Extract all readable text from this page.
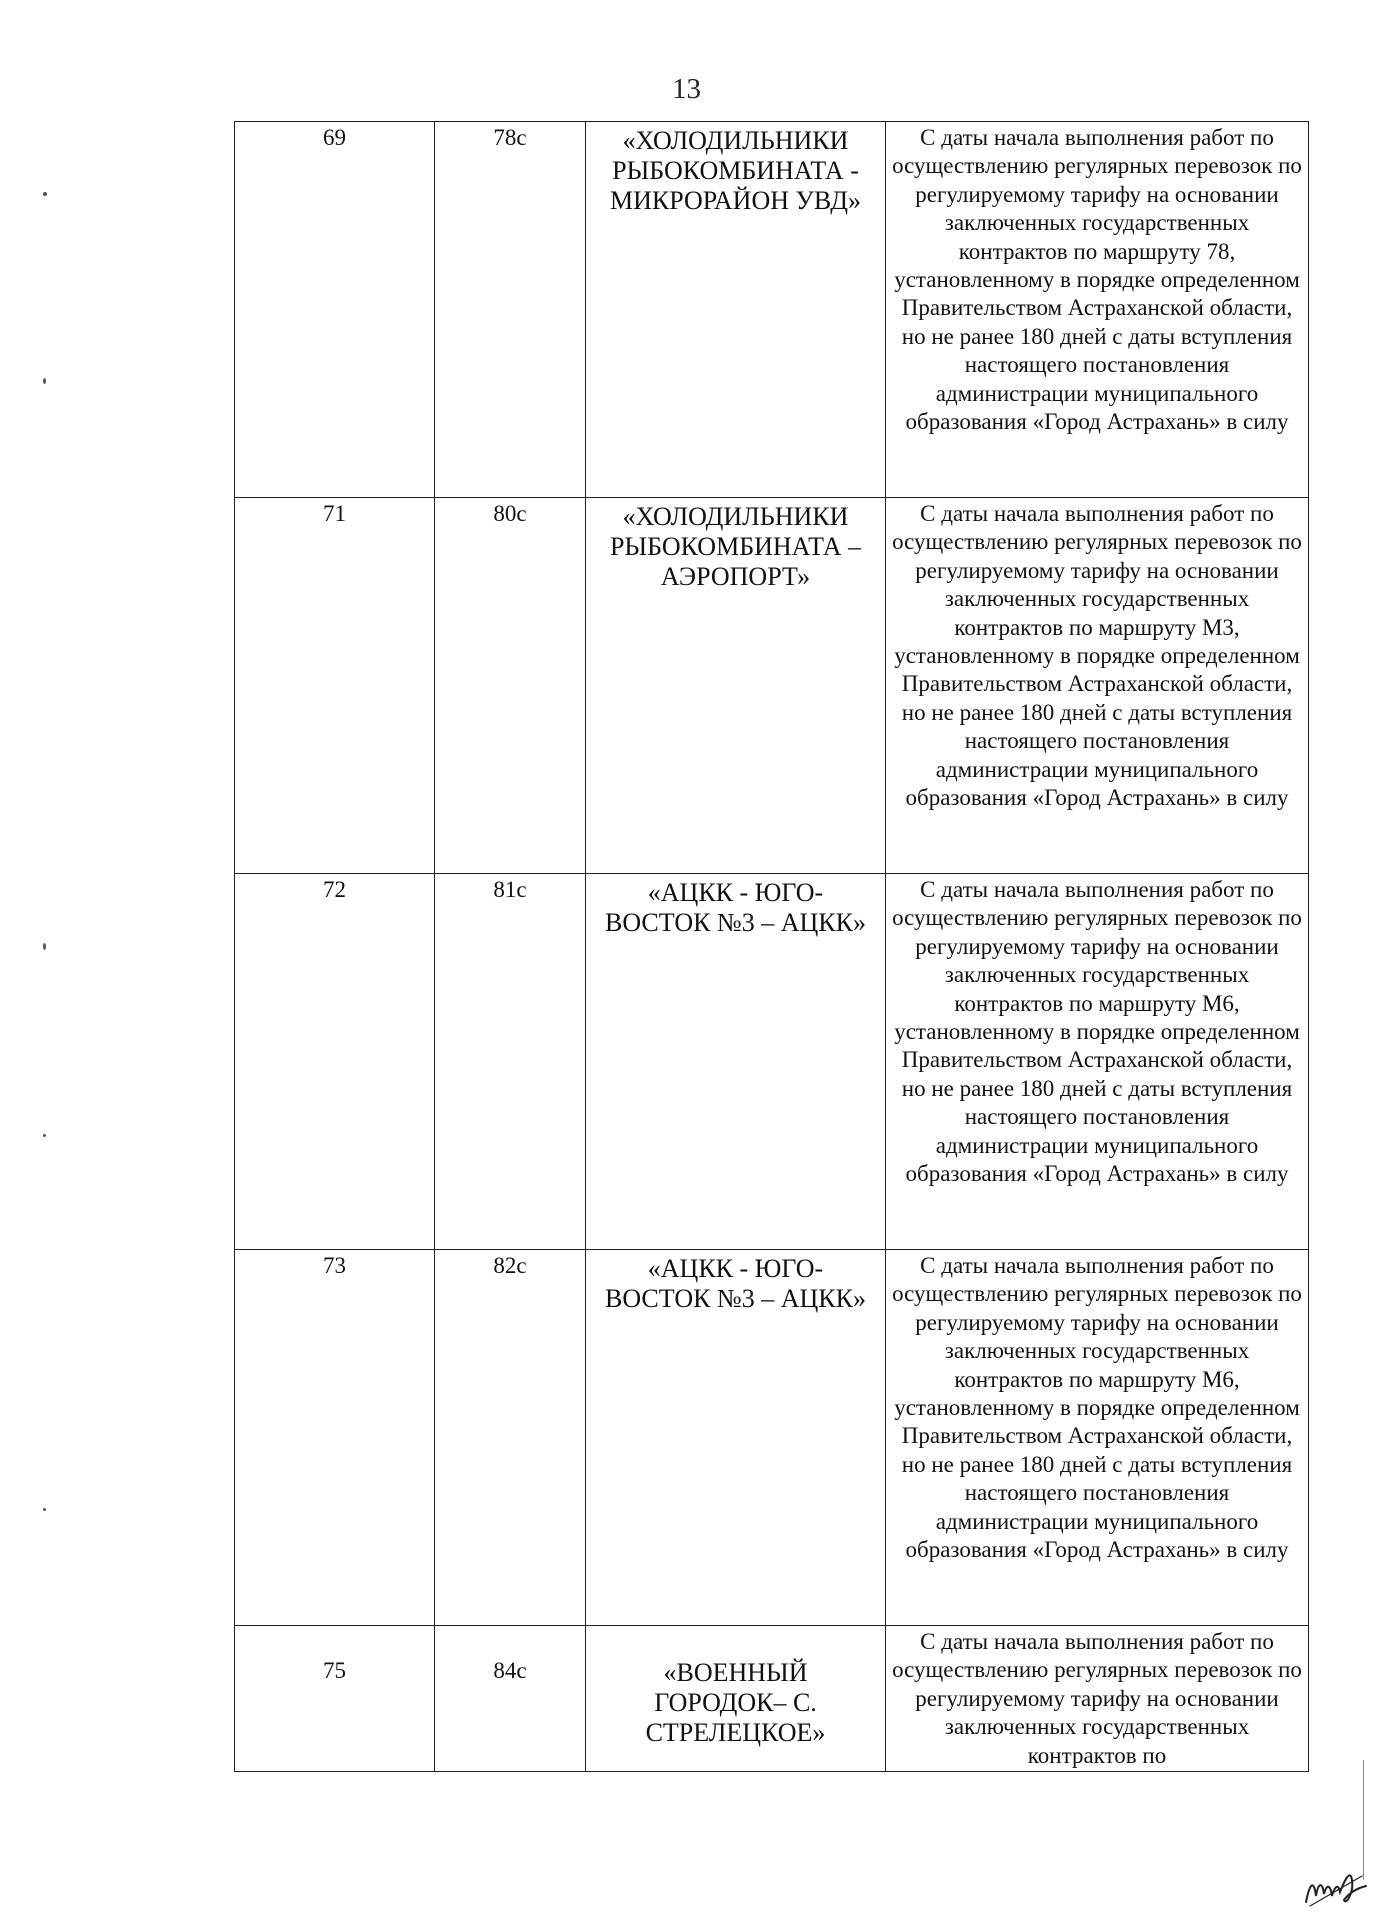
13
69	78с	«ХОЛОДИЛЬНИКИ РЫБОКОМБИНАТА - МИКРОРАЙОН УВД»	С даты начала выполнения работ по осуществлению регулярных перевозок по регулируемому тарифу на основании заключенных государственных контрактов по маршруту 78, установленному в порядке определенном Правительством Астраханской области, но не ранее 180 дней с даты вступления настоящего постановления администрации муниципального образования «Город Астрахань» в силу
71	80с	«ХОЛОДИЛЬНИКИ РЫБОКОМБИНАТА – АЭРОПОРТ»	С даты начала выполнения работ по осуществлению регулярных перевозок по регулируемому тарифу на основании заключенных государственных контрактов по маршруту М3, установленному в порядке определенном Правительством Астраханской области, но не ранее 180 дней с даты вступления настоящего постановления администрации муниципального образования «Город Астрахань» в силу
72	81с	«АЦКК - ЮГО-ВОСТОК №3 – АЦКК»	С даты начала выполнения работ по осуществлению регулярных перевозок по регулируемому тарифу на основании заключенных государственных контрактов по маршруту М6, установленному в порядке определенном Правительством Астраханской области, но не ранее 180 дней с даты вступления настоящего постановления администрации муниципального образования «Город Астрахань» в силу
73	82с	«АЦКК - ЮГО-ВОСТОК №3 – АЦКК»	С даты начала выполнения работ по осуществлению регулярных перевозок по регулируемому тарифу на основании заключенных государственных контрактов по маршруту М6, установленному в порядке определенном Правительством Астраханской области, но не ранее 180 дней с даты вступления настоящего постановления администрации муниципального образования «Город Астрахань» в силу
75	84с	«ВОЕННЫЙ ГОРОДОК– С. СТРЕЛЕЦКОЕ»	С даты начала выполнения работ по осуществлению регулярных перевозок по регулируемому тарифу на основании заключенных государственных контрактов по
